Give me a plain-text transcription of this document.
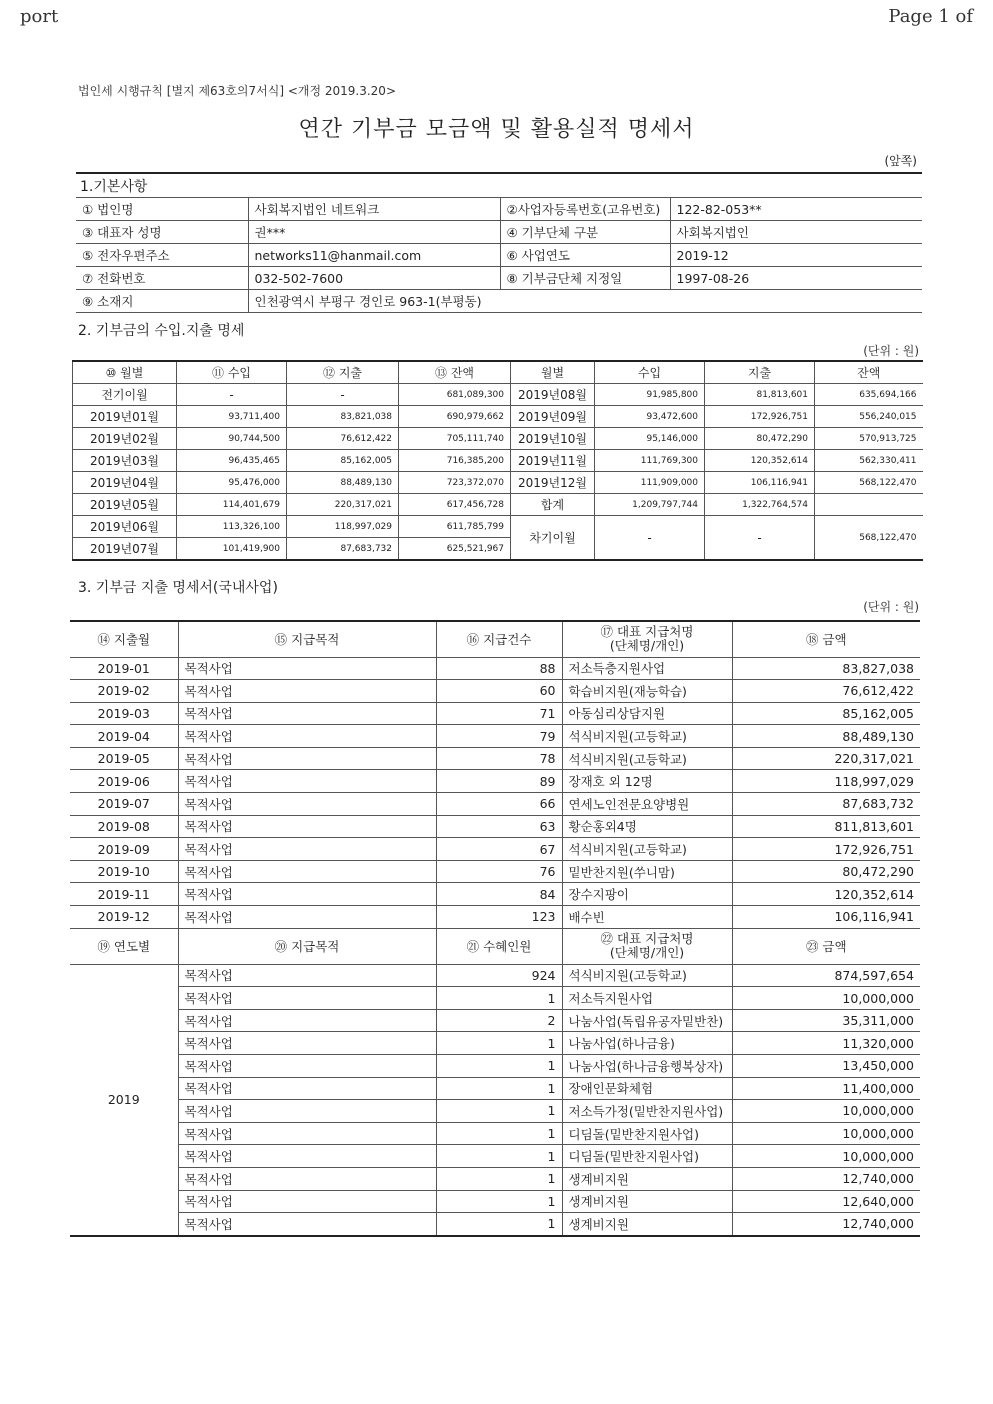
port	Page 1 of
법인세 시행규칙 [별지 제63호의7서식] <개정 2019.3.20>
연간 기부금 모금액 및 활용실적 명세서
(앞쪽)
1.기본사항
① 법인명	사회복지법인 네트워크	②사업자등록번호(고유번호)	122-82-053**
③ 대표자 성명	권***	④ 기부단체 구분	사회복지법인
⑤ 전자우편주소	networks11@hanmail.com	⑥ 사업연도	2019-12
⑦ 전화번호	032-502-7600	⑧ 기부금단체 지정일	1997-08-26
⑨ 소재지	인천광역시 부평구 경인로 963-1(부평동)		
2. 기부금의 수입.지출 명세
(단위 : 원)
⑩ 월별	⑪ 수입	⑫ 지출	⑬ 잔액	월별	수입	지출	잔액
전기이월	-	-	681,089,300	2019년08월	91,985,800	81,813,601	635,694,166
2019년01월	93,711,400	83,821,038	690,979,662	2019년09월	93,472,600	172,926,751	556,240,015
2019년02월	90,744,500	76,612,422	705,111,740	2019년10월	95,146,000	80,472,290	570,913,725
2019년03월	96,435,465	85,162,005	716,385,200	2019년11월	111,769,300	120,352,614	562,330,411
2019년04월	95,476,000	88,489,130	723,372,070	2019년12월	111,909,000	106,116,941	568,122,470
2019년05월	114,401,679	220,317,021	617,456,728	합계	1,209,797,744	1,322,764,574	
2019년06월	113,326,100	118,997,029	611,785,799	차기이월	-	-	568,122,470
2019년07월	101,419,900	87,683,732	625,521,967				
3. 기부금 지출 명세서(국내사업)
(단위 : 원)
⑭ 지출월	⑮ 지급목적	⑯ 지급건수	⑰ 대표 지급처명
(단체명/개인)	⑱ 금액
2019-01	목적사업	88	저소득층지원사업	83,827,038
2019-02	목적사업	60	학습비지원(재능학습)	76,612,422
2019-03	목적사업	71	아동심리상담지원	85,162,005
2019-04	목적사업	79	석식비지원(고등학교)	88,489,130
2019-05	목적사업	78	석식비지원(고등학교)	220,317,021
2019-06	목적사업	89	장재호 외 12명	118,997,029
2019-07	목적사업	66	연세노인전문요양병원	87,683,732
2019-08	목적사업	63	황순홍외4명	811,813,601
2019-09	목적사업	67	석식비지원(고등학교)	172,926,751
2019-10	목적사업	76	밑반찬지원(쑤니맘)	80,472,290
2019-11	목적사업	84	장수지팡이	120,352,614
2019-12	목적사업	123	배수빈	106,116,941
⑲ 연도별	⑳ 지급목적	㉑ 수혜인원	㉒ 대표 지급처명
(단체명/개인)	㉓ 금액
2019	목적사업	924	석식비지원(고등학교)	874,597,654
	목적사업	1	저소득지원사업	10,000,000
	목적사업	2	나눔사업(독립유공자밑반찬)	35,311,000
	목적사업	1	나눔사업(하나금융)	11,320,000
	목적사업	1	나눔사업(하나금융행복상자)	13,450,000
	목적사업	1	장애인문화체험	11,400,000
	목적사업	1	저소득가정(밑반찬지원사업)	10,000,000
	목적사업	1	디딤돌(밑반찬지원사업)	10,000,000
	목적사업	1	디딤돌(밑반찬지원사업)	10,000,000
	목적사업	1	생계비지원	12,740,000
	목적사업	1	생계비지원	12,640,000
	목적사업	1	생계비지원	12,740,000
